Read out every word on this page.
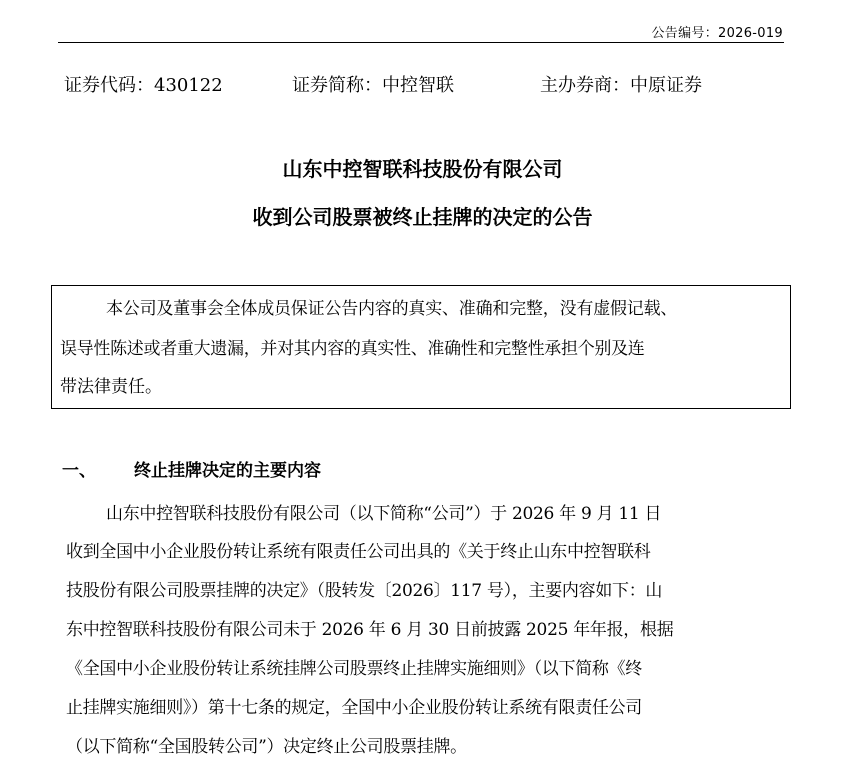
公告编号：2026-019
证券代码：430122	证券简称：中控智联	主办券商：中原证券
山东中控智联科技股份有限公司
收到公司股票被终止挂牌的决定的公告
本公司及董事会全体成员保证公告内容的真实、准确和完整，没有虚假记载、
误导性陈述或者重大遗漏，并对其内容的真实性、准确性和完整性承担个别及连
带法律责任。
一、 终止挂牌决定的主要内容
山东中控智联科技股份有限公司（以下简称“公司”）于 2026 年 9 月 11 日
收到全国中小企业股份转让系统有限责任公司出具的《关于终止山东中控智联科
技股份有限公司股票挂牌的决定》（股转发〔2026〕117 号），主要内容如下：山
东中控智联科技股份有限公司未于 2026 年 6 月 30 日前披露 2025 年年报，根据
《全国中小企业股份转让系统挂牌公司股票终止挂牌实施细则》（以下简称《终
止挂牌实施细则》）第十七条的规定，全国中小企业股份转让系统有限责任公司
（以下简称“全国股转公司”）决定终止公司股票挂牌。
